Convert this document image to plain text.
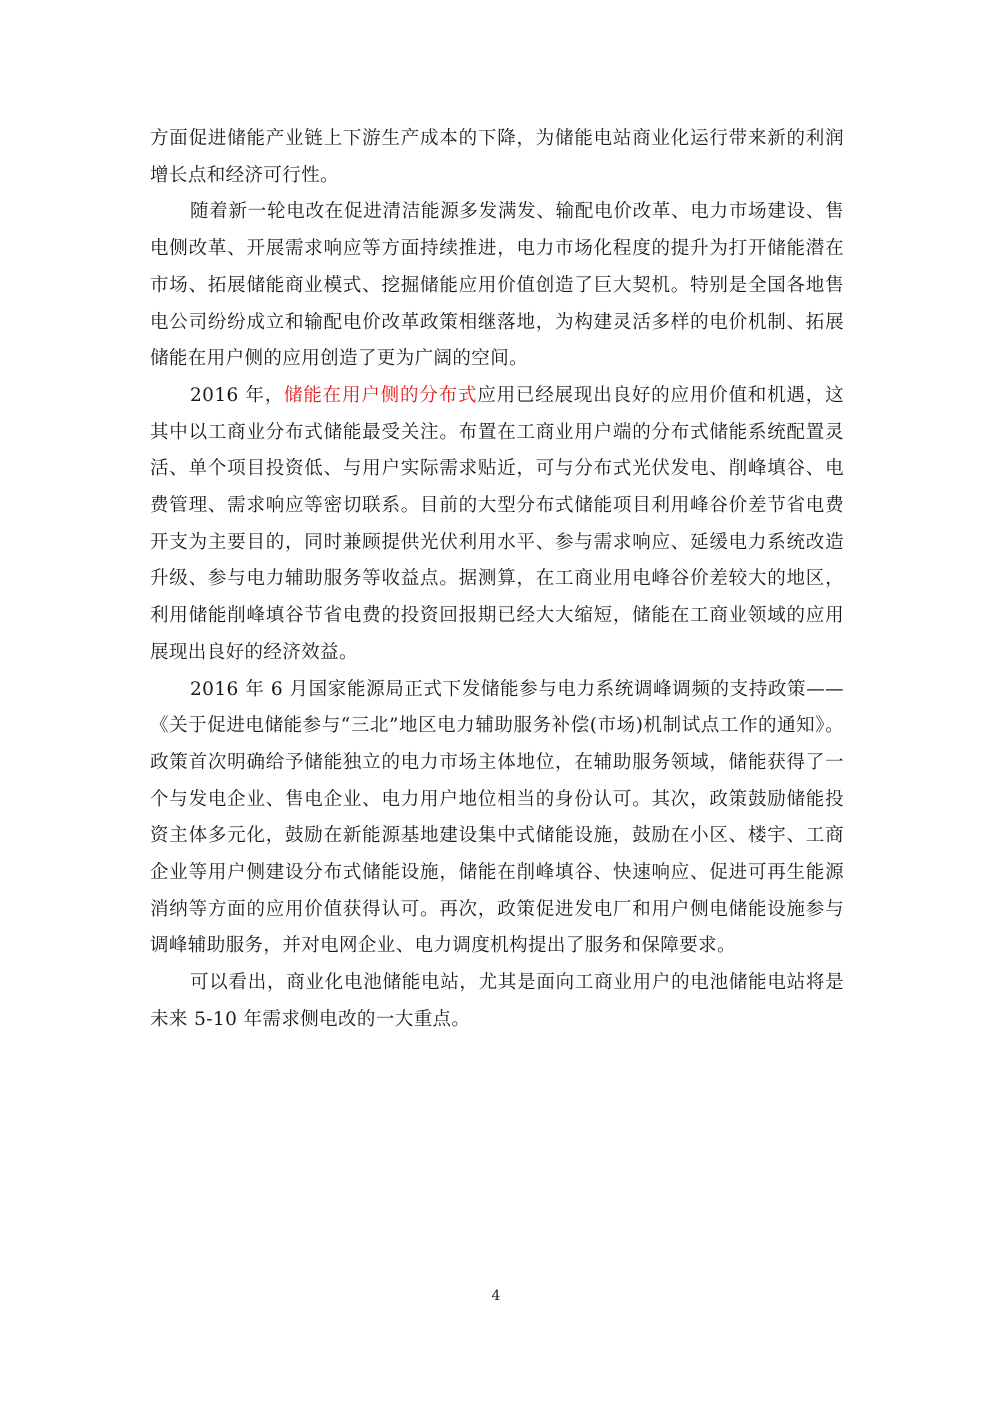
方面促进储能产业链上下游生产成本的下降，为储能电站商业化运行带来新的利润增长点和经济可行性。

随着新一轮电改在促进清洁能源多发满发、输配电价改革、电力市场建设、售电侧改革、开展需求响应等方面持续推进，电力市场化程度的提升为打开储能潜在市场、拓展储能商业模式、挖掘储能应用价值创造了巨大契机。特别是全国各地售电公司纷纷成立和输配电价改革政策相继落地，为构建灵活多样的电价机制、拓展储能在用户侧的应用创造了更为广阔的空间。

2016 年，储能在用户侧的分布式应用已经展现出良好的应用价值和机遇，这其中以工商业分布式储能最受关注。布置在工商业用户端的分布式储能系统配置灵活、单个项目投资低、与用户实际需求贴近，可与分布式光伏发电、削峰填谷、电费管理、需求响应等密切联系。目前的大型分布式储能项目利用峰谷价差节省电费开支为主要目的，同时兼顾提供光伏利用水平、参与需求响应、延缓电力系统改造升级、参与电力辅助服务等收益点。据测算，在工商业用电峰谷价差较大的地区，利用储能削峰填谷节省电费的投资回报期已经大大缩短，储能在工商业领域的应用展现出良好的经济效益。

2016 年 6 月国家能源局正式下发储能参与电力系统调峰调频的支持政策——《关于促进电储能参与“三北”地区电力辅助服务补偿(市场)机制试点工作的通知》。政策首次明确给予储能独立的电力市场主体地位，在辅助服务领域，储能获得了一个与发电企业、售电企业、电力用户地位相当的身份认可。其次，政策鼓励储能投资主体多元化，鼓励在新能源基地建设集中式储能设施，鼓励在小区、楼宇、工商企业等用户侧建设分布式储能设施，储能在削峰填谷、快速响应、促进可再生能源消纳等方面的应用价值获得认可。再次，政策促进发电厂和用户侧电储能设施参与调峰辅助服务，并对电网企业、电力调度机构提出了服务和保障要求。

可以看出，商业化电池储能电站，尤其是面向工商业用户的电池储能电站将是未来 5-10 年需求侧电改的一大重点。

4
